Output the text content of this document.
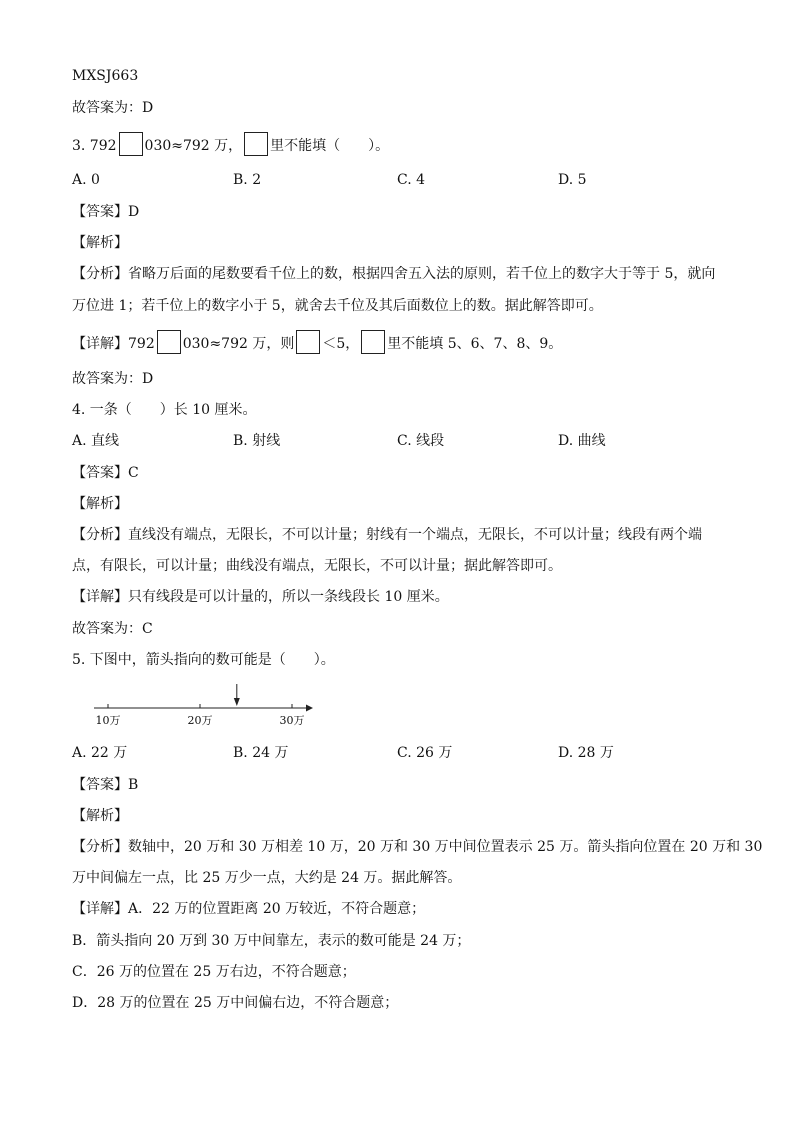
MXSJ663
故答案为：D
3. 792 030≈792 万， 里不能填（　　）。
A. 0	B. 2	C. 4	D. 5
【答案】D
【解析】
【分析】省略万后面的尾数要看千位上的数，根据四舍五入法的原则，若千位上的数字大于等于 5，就向
万位进 1；若千位上的数字小于 5，就舍去千位及其后面数位上的数。据此解答即可。
【详解】792 030≈792 万，则 ＜5， 里不能填 5、6、7、8、9。
故答案为：D
4. 一条（　　）长 10 厘米。
A. 直线	B. 射线	C. 线段	D. 曲线
【答案】C
【解析】
【分析】直线没有端点，无限长，不可以计量；射线有一个端点，无限长，不可以计量；线段有两个端
点，有限长，可以计量；曲线没有端点，无限长，不可以计量；据此解答即可。
【详解】只有线段是可以计量的，所以一条线段长 10 厘米。
故答案为：C
5. 下图中，箭头指向的数可能是（　　）。
10万	20万	30万
A. 22 万	B. 24 万	C. 26 万	D. 28 万
【答案】B
【解析】
【分析】数轴中，20 万和 30 万相差 10 万，20 万和 30 万中间位置表示 25 万。箭头指向位置在 20 万和 30
万中间偏左一点，比 25 万少一点，大约是 24 万。据此解答。
【详解】A．22 万的位置距离 20 万较近，不符合题意；
B．箭头指向 20 万到 30 万中间靠左，表示的数可能是 24 万；
C．26 万的位置在 25 万右边，不符合题意；
D．28 万的位置在 25 万中间偏右边，不符合题意；
